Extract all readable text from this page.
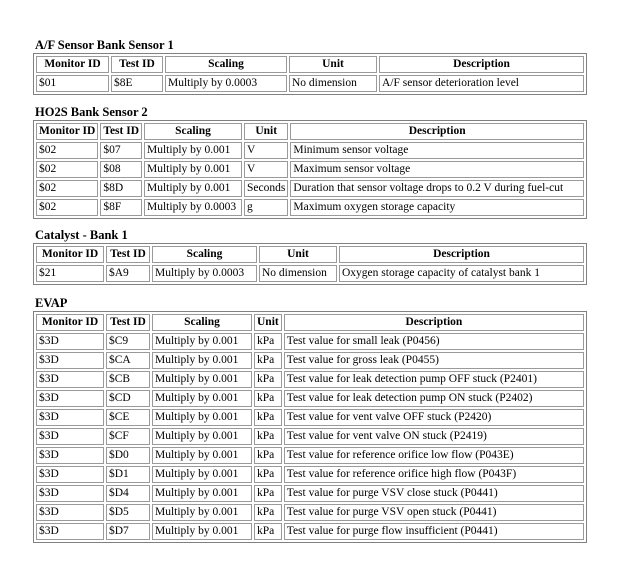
A/F Sensor Bank Sensor 1
Monitor ID	Test ID	Scaling	Unit	Description
$01	$8E	Multiply by 0.0003	No dimension	A/F sensor deterioration level
HO2S Bank Sensor 2
Monitor ID	Test ID	Scaling	Unit	Description
$02	$07	Multiply by 0.001	V	Minimum sensor voltage
$02	$08	Multiply by 0.001	V	Maximum sensor voltage
$02	$8D	Multiply by 0.001	Seconds	Duration that sensor voltage drops to 0.2 V during fuel-cut
$02	$8F	Multiply by 0.0003	g	Maximum oxygen storage capacity
Catalyst - Bank 1
Monitor ID	Test ID	Scaling	Unit	Description
$21	$A9	Multiply by 0.0003	No dimension	Oxygen storage capacity of catalyst bank 1
EVAP
Monitor ID	Test ID	Scaling	Unit	Description
$3D	$C9	Multiply by 0.001	kPa	Test value for small leak (P0456)
$3D	$CA	Multiply by 0.001	kPa	Test value for gross leak (P0455)
$3D	$CB	Multiply by 0.001	kPa	Test value for leak detection pump OFF stuck (P2401)
$3D	$CD	Multiply by 0.001	kPa	Test value for leak detection pump ON stuck (P2402)
$3D	$CE	Multiply by 0.001	kPa	Test value for vent valve OFF stuck (P2420)
$3D	$CF	Multiply by 0.001	kPa	Test value for vent valve ON stuck (P2419)
$3D	$D0	Multiply by 0.001	kPa	Test value for reference orifice low flow (P043E)
$3D	$D1	Multiply by 0.001	kPa	Test value for reference orifice high flow (P043F)
$3D	$D4	Multiply by 0.001	kPa	Test value for purge VSV close stuck (P0441)
$3D	$D5	Multiply by 0.001	kPa	Test value for purge VSV open stuck (P0441)
$3D	$D7	Multiply by 0.001	kPa	Test value for purge flow insufficient (P0441)
